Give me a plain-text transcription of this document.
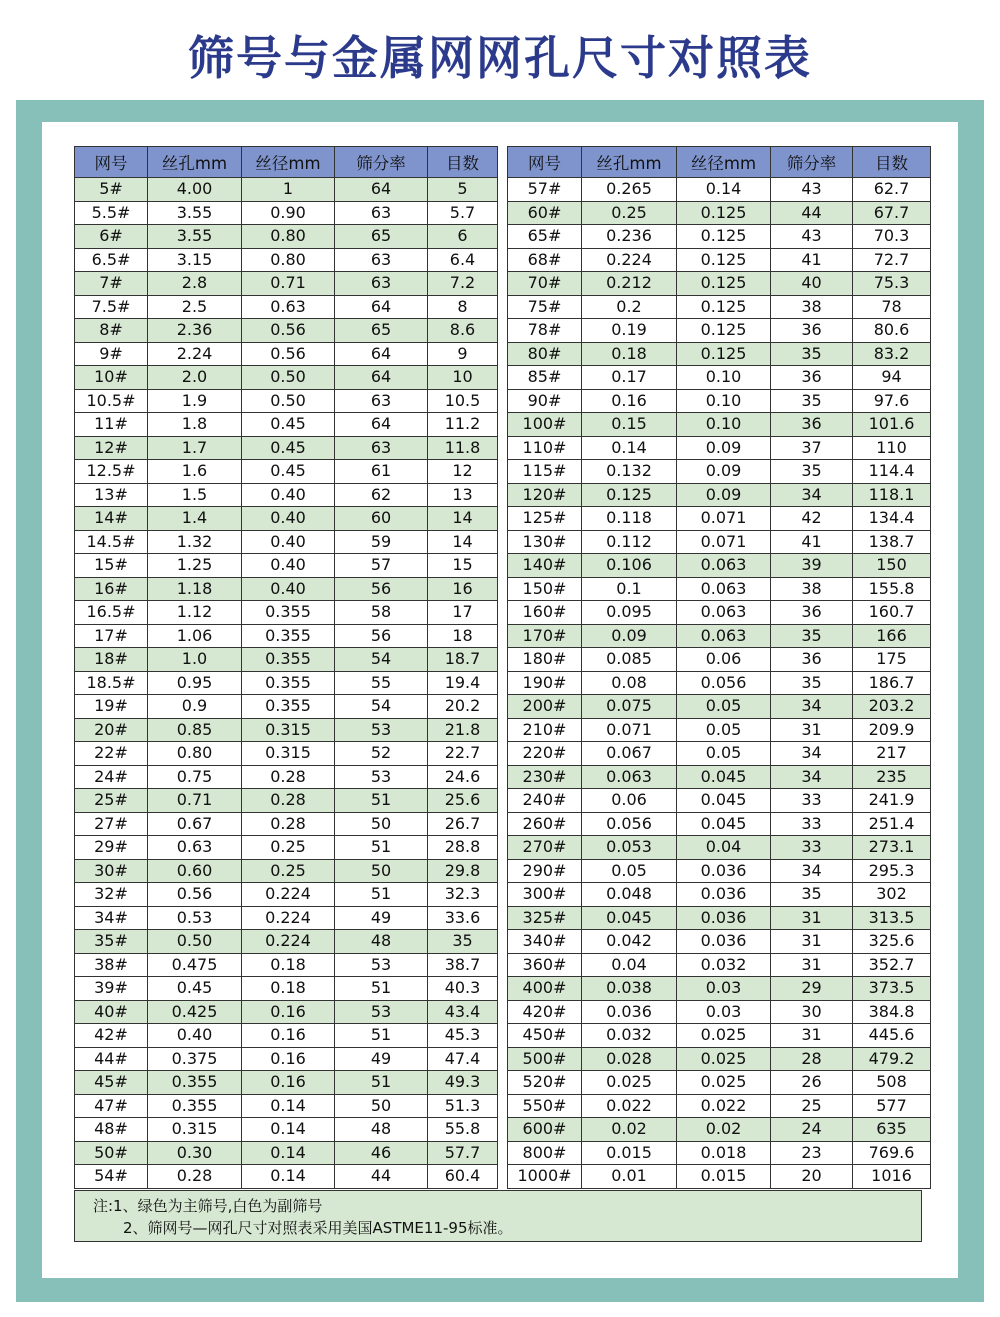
筛号与金属网网孔尺寸对照表
网号	丝孔mm	丝径mm	筛分率	目数
5#	4.00	1	64	5
5.5#	3.55	0.90	63	5.7
6#	3.55	0.80	65	6
6.5#	3.15	0.80	63	6.4
7#	2.8	0.71	63	7.2
7.5#	2.5	0.63	64	8
8#	2.36	0.56	65	8.6
9#	2.24	0.56	64	9
10#	2.0	0.50	64	10
10.5#	1.9	0.50	63	10.5
11#	1.8	0.45	64	11.2
12#	1.7	0.45	63	11.8
12.5#	1.6	0.45	61	12
13#	1.5	0.40	62	13
14#	1.4	0.40	60	14
14.5#	1.32	0.40	59	14
15#	1.25	0.40	57	15
16#	1.18	0.40	56	16
16.5#	1.12	0.355	58	17
17#	1.06	0.355	56	18
18#	1.0	0.355	54	18.7
18.5#	0.95	0.355	55	19.4
19#	0.9	0.355	54	20.2
20#	0.85	0.315	53	21.8
22#	0.80	0.315	52	22.7
24#	0.75	0.28	53	24.6
25#	0.71	0.28	51	25.6
27#	0.67	0.28	50	26.7
29#	0.63	0.25	51	28.8
30#	0.60	0.25	50	29.8
32#	0.56	0.224	51	32.3
34#	0.53	0.224	49	33.6
35#	0.50	0.224	48	35
38#	0.475	0.18	53	38.7
39#	0.45	0.18	51	40.3
40#	0.425	0.16	53	43.4
42#	0.40	0.16	51	45.3
44#	0.375	0.16	49	47.4
45#	0.355	0.16	51	49.3
47#	0.355	0.14	50	51.3
48#	0.315	0.14	48	55.8
50#	0.30	0.14	46	57.7
54#	0.28	0.14	44	60.4
网号	丝孔mm	丝径mm	筛分率	目数
57#	0.265	0.14	43	62.7
60#	0.25	0.125	44	67.7
65#	0.236	0.125	43	70.3
68#	0.224	0.125	41	72.7
70#	0.212	0.125	40	75.3
75#	0.2	0.125	38	78
78#	0.19	0.125	36	80.6
80#	0.18	0.125	35	83.2
85#	0.17	0.10	36	94
90#	0.16	0.10	35	97.6
100#	0.15	0.10	36	101.6
110#	0.14	0.09	37	110
115#	0.132	0.09	35	114.4
120#	0.125	0.09	34	118.1
125#	0.118	0.071	42	134.4
130#	0.112	0.071	41	138.7
140#	0.106	0.063	39	150
150#	0.1	0.063	38	155.8
160#	0.095	0.063	36	160.7
170#	0.09	0.063	35	166
180#	0.085	0.06	36	175
190#	0.08	0.056	35	186.7
200#	0.075	0.05	34	203.2
210#	0.071	0.05	31	209.9
220#	0.067	0.05	34	217
230#	0.063	0.045	34	235
240#	0.06	0.045	33	241.9
260#	0.056	0.045	33	251.4
270#	0.053	0.04	33	273.1
290#	0.05	0.036	34	295.3
300#	0.048	0.036	35	302
325#	0.045	0.036	31	313.5
340#	0.042	0.036	31	325.6
360#	0.04	0.032	31	352.7
400#	0.038	0.03	29	373.5
420#	0.036	0.03	30	384.8
450#	0.032	0.025	31	445.6
500#	0.028	0.025	28	479.2
520#	0.025	0.025	26	508
550#	0.022	0.022	25	577
600#	0.02	0.02	24	635
800#	0.015	0.018	23	769.6
1000#	0.01	0.015	20	1016
注:1、绿色为主筛号,白色为副筛号
2、筛网号—网孔尺寸对照表采用美国ASTME11-95标准。
